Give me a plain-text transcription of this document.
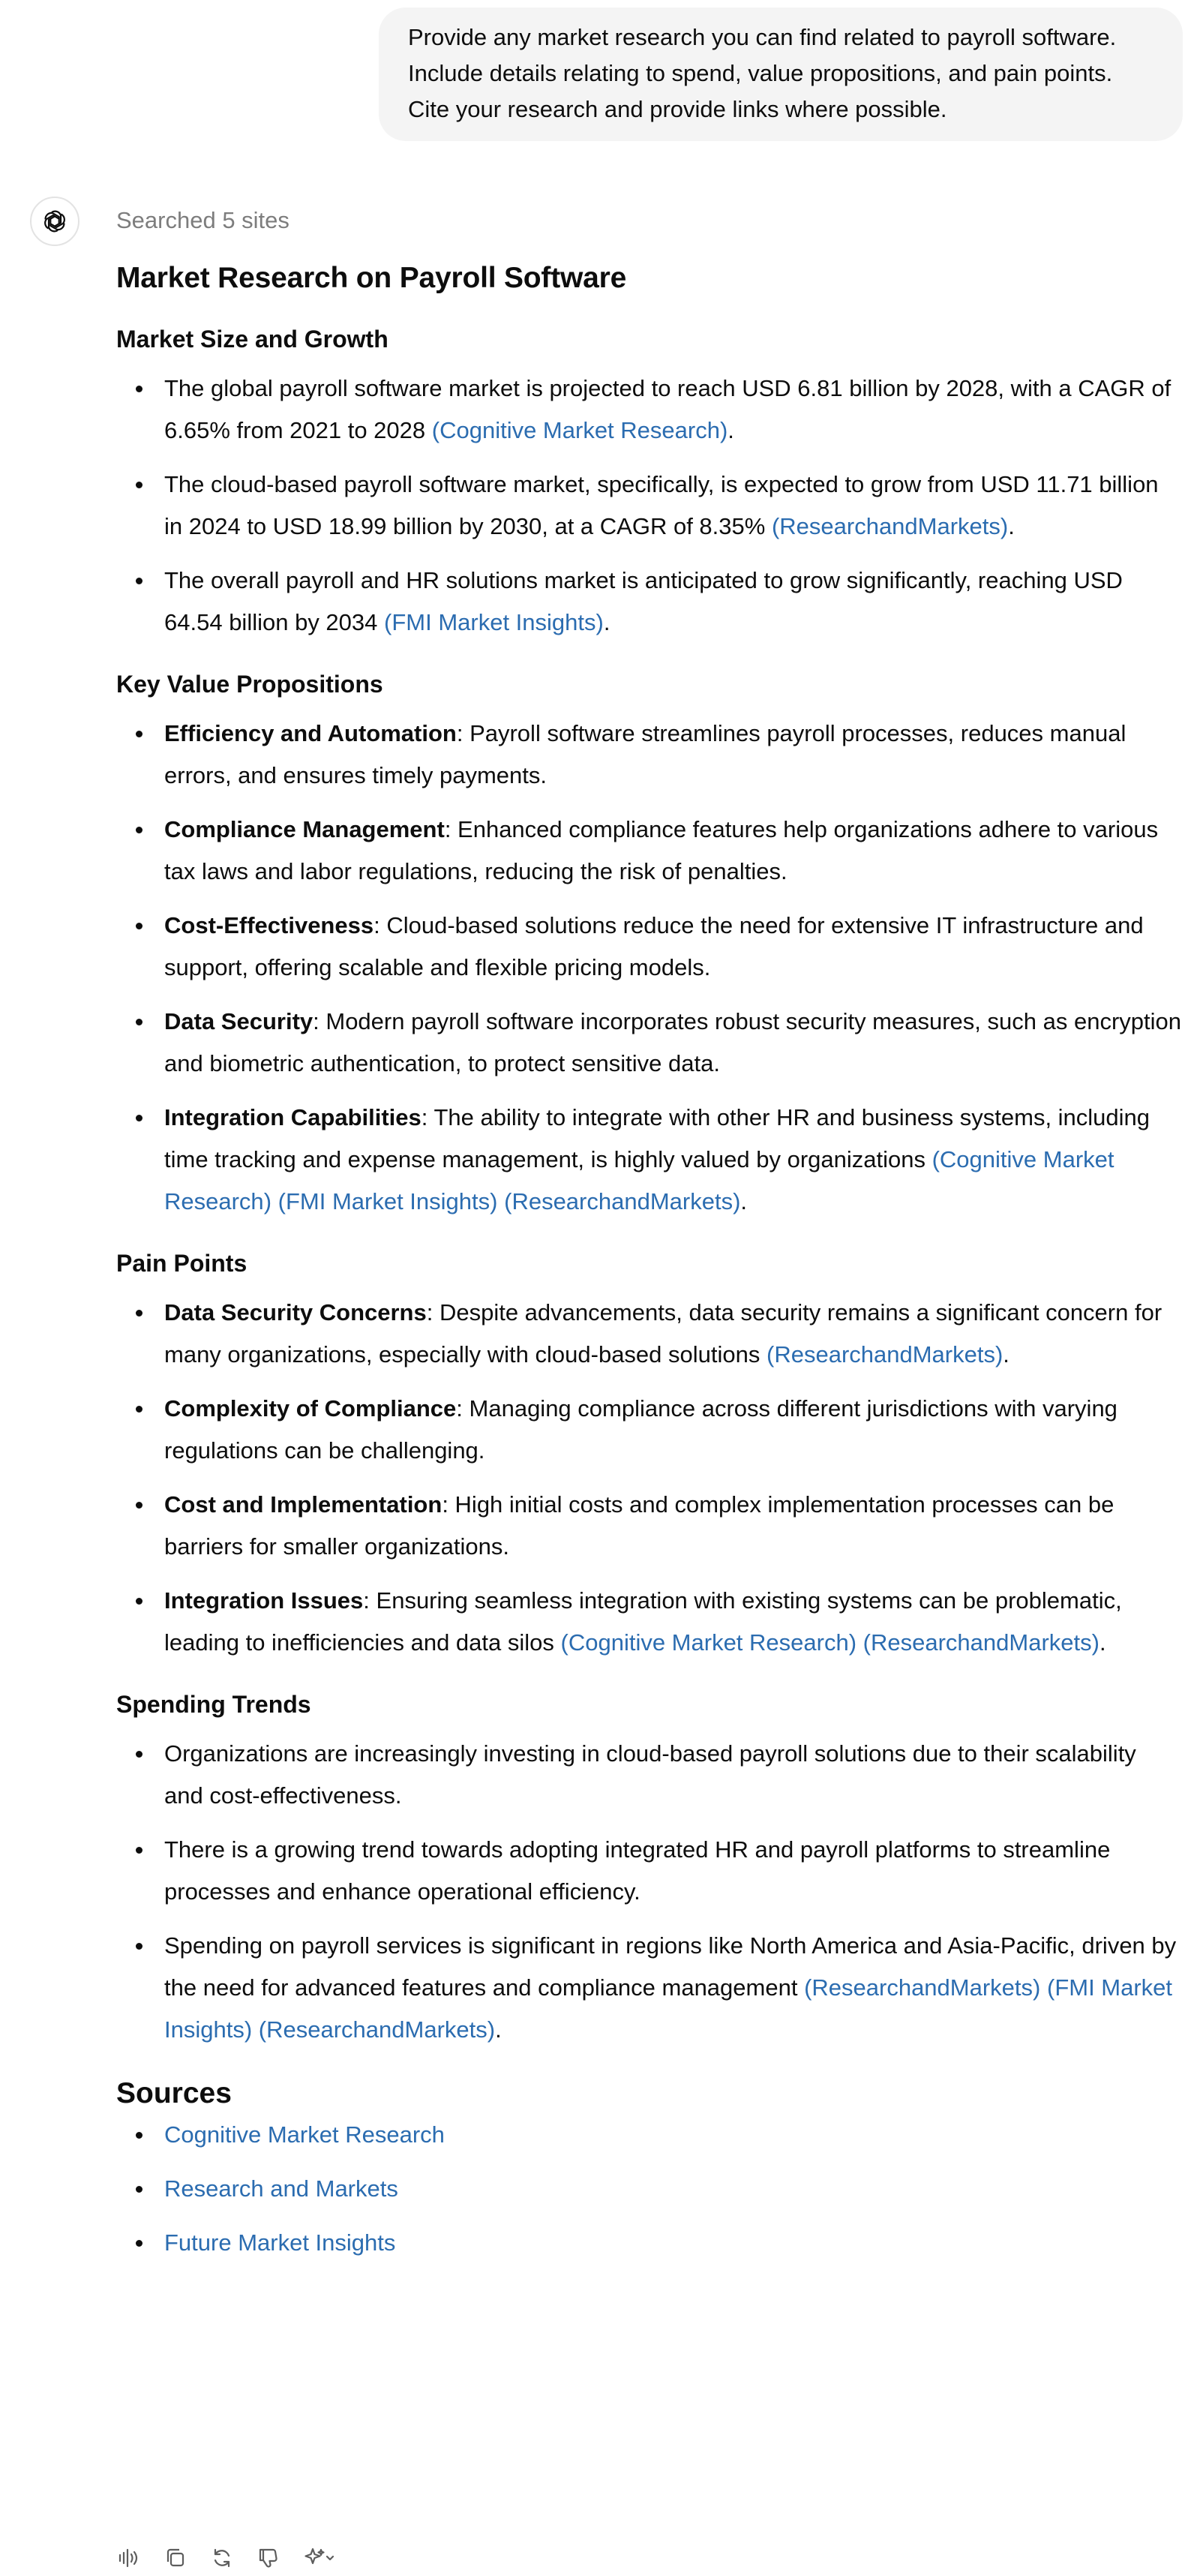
Provide any market research you can find related to payroll software. Include details relating to spend, value propositions, and pain points. Cite your research and provide links where possible.
Searched 5 sites
Market Research on Payroll Software
Market Size and Growth
The global payroll software market is projected to reach USD 6.81 billion by 2028, with a CAGR of 6.65% from 2021 to 2028 (Cognitive Market Research).
The cloud-based payroll software market, specifically, is expected to grow from USD 11.71 billion in 2024 to USD 18.99 billion by 2030, at a CAGR of 8.35% (ResearchandMarkets).
The overall payroll and HR solutions market is anticipated to grow significantly, reaching USD 64.54 billion by 2034 (FMI Market Insights).
Key Value Propositions
Efficiency and Automation: Payroll software streamlines payroll processes, reduces manual errors, and ensures timely payments.
Compliance Management: Enhanced compliance features help organizations adhere to various tax laws and labor regulations, reducing the risk of penalties.
Cost-Effectiveness: Cloud-based solutions reduce the need for extensive IT infrastructure and support, offering scalable and flexible pricing models.
Data Security: Modern payroll software incorporates robust security measures, such as encryption and biometric authentication, to protect sensitive data.
Integration Capabilities: The ability to integrate with other HR and business systems, including time tracking and expense management, is highly valued by organizations (Cognitive Market Research) (FMI Market Insights) (ResearchandMarkets).
Pain Points
Data Security Concerns: Despite advancements, data security remains a significant concern for many organizations, especially with cloud-based solutions (ResearchandMarkets).
Complexity of Compliance: Managing compliance across different jurisdictions with varying regulations can be challenging.
Cost and Implementation: High initial costs and complex implementation processes can be barriers for smaller organizations.
Integration Issues: Ensuring seamless integration with existing systems can be problematic, leading to inefficiencies and data silos (Cognitive Market Research) (ResearchandMarkets).
Spending Trends
Organizations are increasingly investing in cloud-based payroll solutions due to their scalability and cost-effectiveness.
There is a growing trend towards adopting integrated HR and payroll platforms to streamline processes and enhance operational efficiency.
Spending on payroll services is significant in regions like North America and Asia-Pacific, driven by the need for advanced features and compliance management (ResearchandMarkets) (FMI Market Insights) (ResearchandMarkets).
Sources
Cognitive Market Research
Research and Markets
Future Market Insights
